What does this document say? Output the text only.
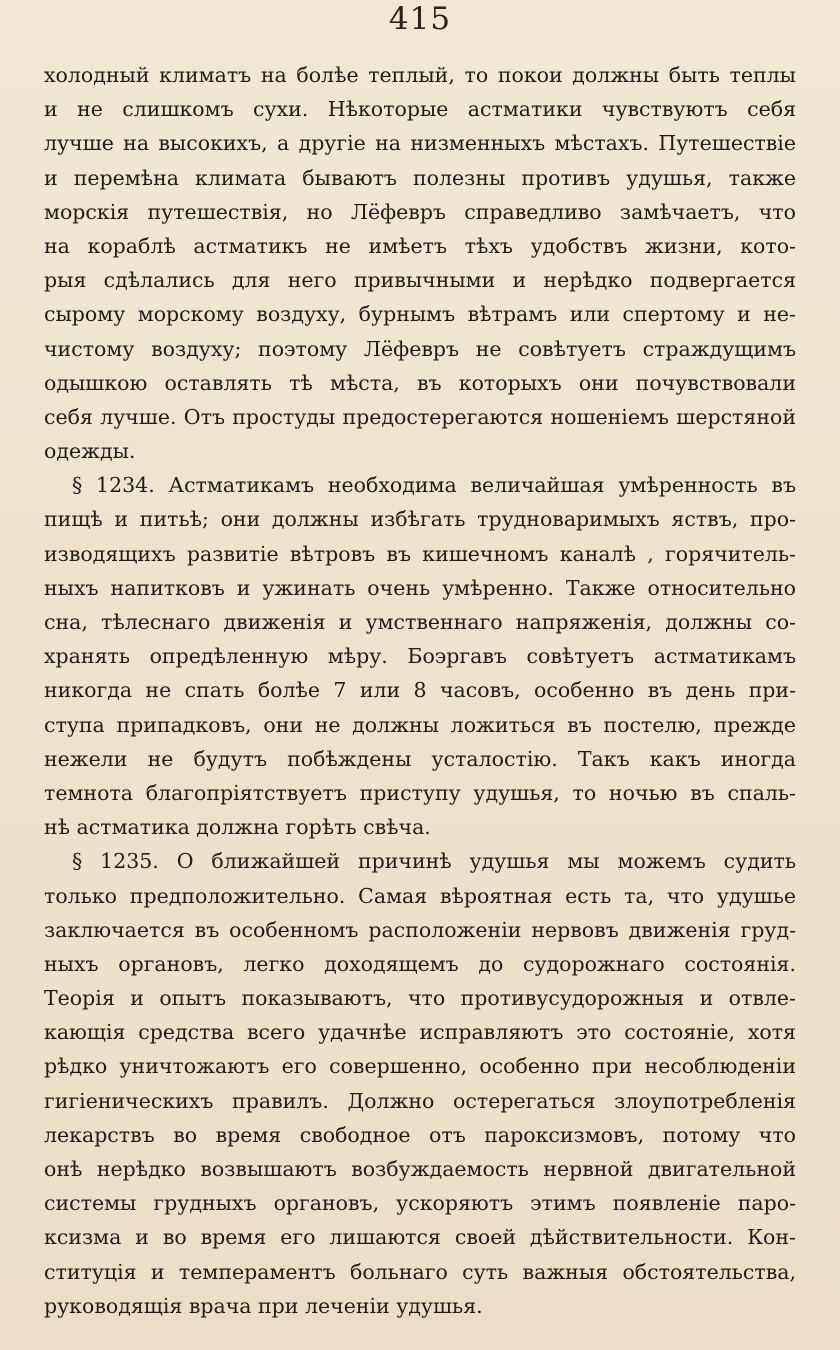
415
холодный климатъ на болѣе теплый, то покои должны быть теплы
и не слишкомъ сухи. Нѣкоторые астматики чувствуютъ себя
лучше на высокихъ, а другіе на низменныхъ мѣстахъ. Путешествіе
и перемѣна климата бываютъ полезны противъ удушья, также
морскія путешествія, но Лёфевръ справедливо замѣчаетъ, что
на кораблѣ астматикъ не имѣетъ тѣхъ удобствъ жизни, кото-
рыя сдѣлались для него привычными и нерѣдко подвергается
сырому морскому воздуху, бурнымъ вѣтрамъ или спертому и не-
чистому воздуху; поэтому Лёфевръ не совѣтуетъ страждущимъ
одышкою оставлять тѣ мѣста, въ которыхъ они почувствовали
себя лучше. Отъ простуды предостерегаются ношеніемъ шерстяной
одежды.
§ 1234. Астматикамъ необходима величайшая умѣренность въ
пищѣ и питьѣ; они должны избѣгать трудноваримыхъ яствъ, про-
изводящихъ развитіе вѣтровъ въ кишечномъ каналѣ , горячитель-
ныхъ напитковъ и ужинать очень умѣренно. Также относительно
сна, тѣлеснаго движенія и умственнаго напряженія, должны со-
хранять опредѣленную мѣру. Боэргавъ совѣтуетъ астматикамъ
никогда не спать болѣе 7 или 8 часовъ, особенно въ день при-
ступа припадковъ, они не должны ложиться въ постелю, прежде
нежели не будутъ побѣждены усталостію. Такъ какъ иногда
темнота благопріятствуетъ приступу удушья, то ночью въ спаль-
нѣ астматика должна горѣть свѣча.
§ 1235. О ближайшей причинѣ удушья мы можемъ судить
только предположительно. Самая вѣроятная есть та, что удушье
заключается въ особенномъ расположеніи нервовъ движенія груд-
ныхъ органовъ, легко доходящемъ до судорожнаго состоянія.
Теорія и опытъ показываютъ, что противусудорожныя и отвле-
кающія средства всего удачнѣе исправляютъ это состояніе, хотя
рѣдко уничтожаютъ его совершенно, особенно при несоблюденіи
гигіеническихъ правилъ. Должно остерегаться злоупотребленія
лекарствъ во время свободное отъ пароксизмовъ, потому что
онѣ нерѣдко возвышаютъ возбуждаемость нервной двигательной
системы грудныхъ органовъ, ускоряютъ этимъ появленіе паро-
ксизма и во время его лишаются своей дѣйствительности. Кон-
ституція и темпераментъ больнаго суть важныя обстоятельства,
руководящія врача при леченіи удушья.
